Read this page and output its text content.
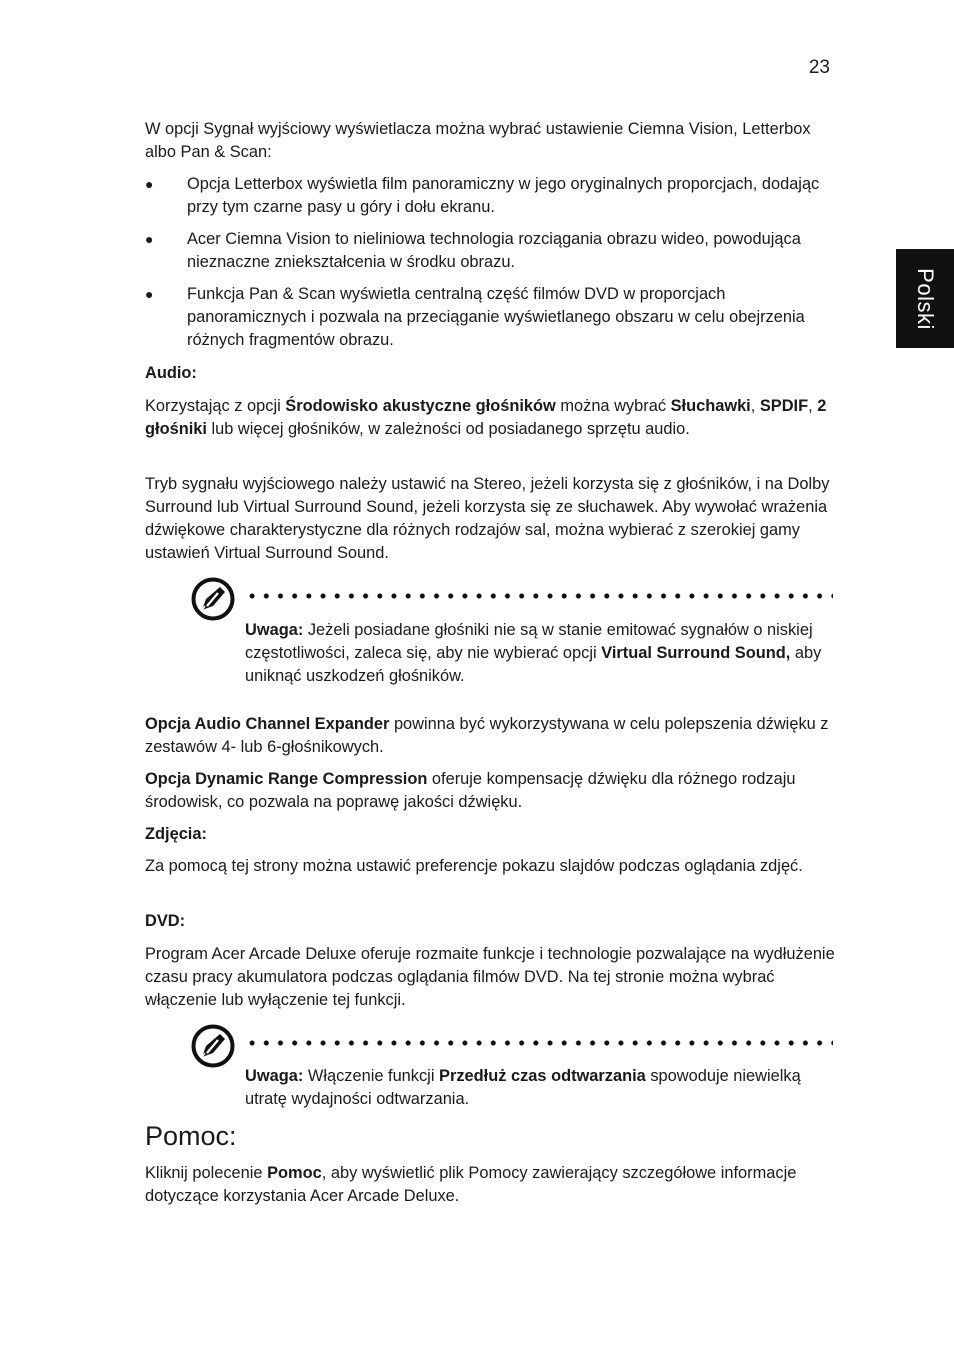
23
Polski

W opcji Sygnał wyjściowy wyświetlacza można wybrać ustawienie Ciemna Vision, Letterbox albo Pan & Scan:

● Opcja Letterbox wyświetla film panoramiczny w jego oryginalnych proporcjach, dodając przy tym czarne pasy u góry i dołu ekranu.

● Acer Ciemna Vision to nieliniowa technologia rozciągania obrazu wideo, powodująca nieznaczne zniekształcenia w środku obrazu.

● Funkcja Pan & Scan wyświetla centralną część filmów DVD w proporcjach panoramicznych i pozwala na przeciąganie wyświetlanego obszaru w celu obejrzenia różnych fragmentów obrazu.

Audio:

Korzystając z opcji Środowisko akustyczne głośników można wybrać Słuchawki, SPDIF, 2 głośniki lub więcej głośników, w zależności od posiadanego sprzętu audio.

Tryb sygnału wyjściowego należy ustawić na Stereo, jeżeli korzysta się z głośników, i na Dolby Surround lub Virtual Surround Sound, jeżeli korzysta się ze słuchawek. Aby wywołać wrażenia dźwiękowe charakterystyczne dla różnych rodzajów sal, można wybierać z szerokiej gamy ustawień Virtual Surround Sound.

Uwaga: Jeżeli posiadane głośniki nie są w stanie emitować sygnałów o niskiej częstotliwości, zaleca się, aby nie wybierać opcji Virtual Surround Sound, aby uniknąć uszkodzeń głośników.

Opcja Audio Channel Expander powinna być wykorzystywana w celu polepszenia dźwięku z zestawów 4- lub 6-głośnikowych.

Opcja Dynamic Range Compression oferuje kompensację dźwięku dla różnego rodzaju środowisk, co pozwala na poprawę jakości dźwięku.

Zdjęcia:

Za pomocą tej strony można ustawić preferencje pokazu slajdów podczas oglądania zdjęć.

DVD:

Program Acer Arcade Deluxe oferuje rozmaite funkcje i technologie pozwalające na wydłużenie czasu pracy akumulatora podczas oglądania filmów DVD. Na tej stronie można wybrać włączenie lub wyłączenie tej funkcji.

Uwaga: Włączenie funkcji Przedłuż czas odtwarzania spowoduje niewielką utratę wydajności odtwarzania.

Pomoc:

Kliknij polecenie Pomoc, aby wyświetlić plik Pomocy zawierający szczegółowe informacje dotyczące korzystania Acer Arcade Deluxe.
